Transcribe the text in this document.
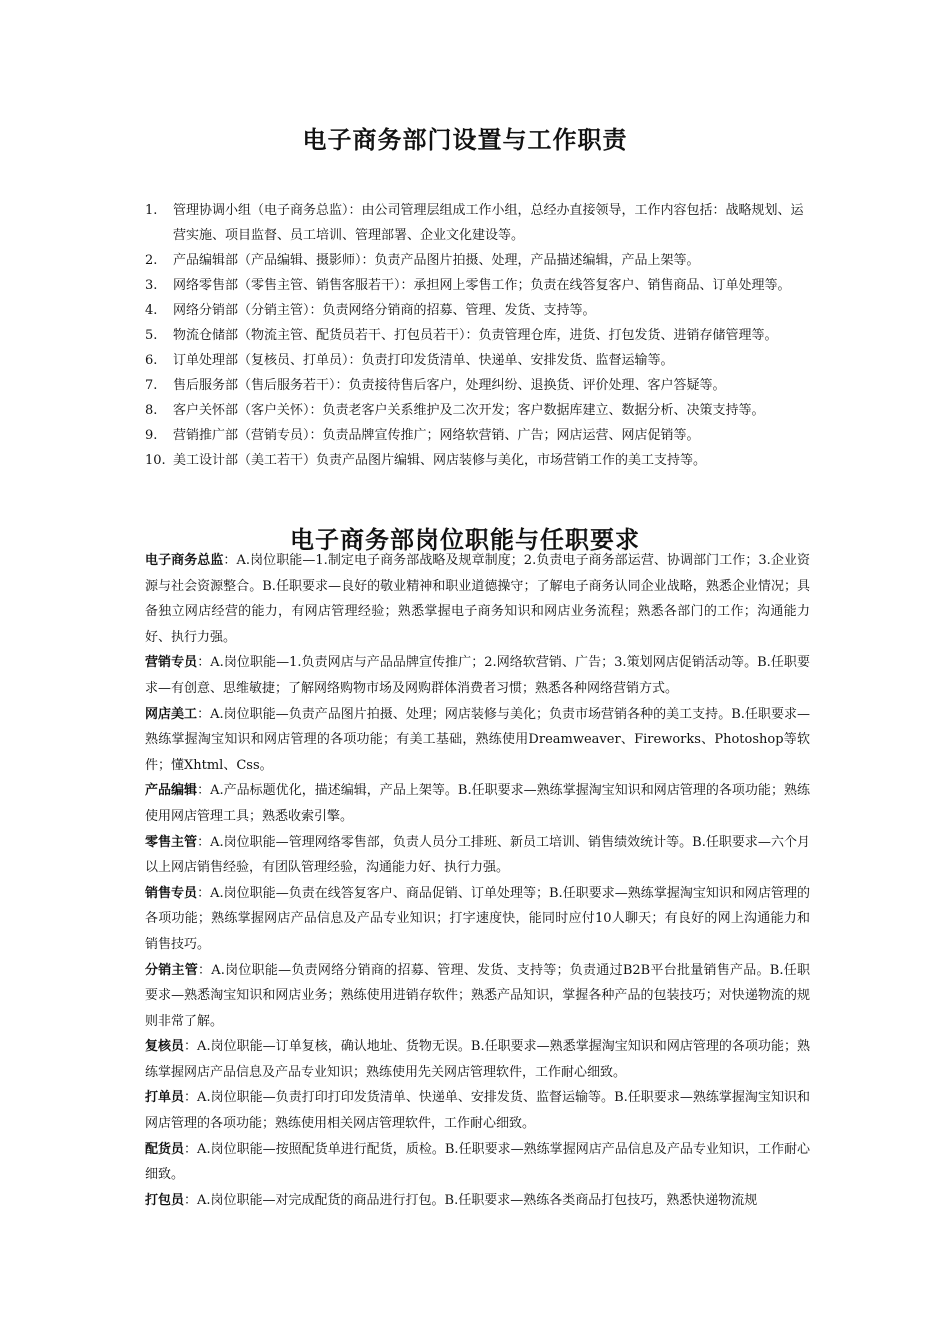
电子商务部门设置与工作职责
1. 管理协调小组（电子商务总监）：由公司管理层组成工作小组，总经办直接领导，工作内容包括：战略规划、运营实施、项目监督、员工培训、管理部署、企业文化建设等。
2. 产品编辑部（产品编辑、摄影师）：负责产品图片拍摄、处理，产品描述编辑，产品上架等。
3. 网络零售部（零售主管、销售客服若干）：承担网上零售工作；负责在线答复客户、销售商品、订单处理等。
4. 网络分销部（分销主管）：负责网络分销商的招募、管理、发货、支持等。
5. 物流仓储部（物流主管、配货员若干、打包员若干）：负责管理仓库，进货、打包发货、进销存储管理等。
6. 订单处理部（复核员、打单员）：负责打印发货清单、快递单、安排发货、监督运输等。
7. 售后服务部（售后服务若干）：负责接待售后客户，处理纠纷、退换货、评价处理、客户答疑等。
8. 客户关怀部（客户关怀）：负责老客户关系维护及二次开发；客户数据库建立、数据分析、决策支持等。
9. 营销推广部（营销专员）：负责品牌宣传推广；网络软营销、广告；网店运营、网店促销等。
10. 美工设计部（美工若干）负责产品图片编辑、网店装修与美化，市场营销工作的美工支持等。
电子商务部岗位职能与任职要求

电子商务总监：A.岗位职能—1.制定电子商务部战略及规章制度；2.负责电子商务部运营、协调部门工作；3.企业资源与社会资源整合。B.任职要求—良好的敬业精神和职业道德操守；了解电子商务认同企业战略，熟悉企业情况；具备独立网店经营的能力，有网店管理经验；熟悉掌握电子商务知识和网店业务流程；熟悉各部门的工作；沟通能力好、执行力强。

营销专员：A.岗位职能—1.负责网店与产品品牌宣传推广；2.网络软营销、广告；3.策划网店促销活动等。B.任职要求—有创意、思维敏捷；了解网络购物市场及网购群体消费者习惯；熟悉各种网络营销方式。

网店美工：A.岗位职能—负责产品图片拍摄、处理；网店装修与美化；负责市场营销各种的美工支持。B.任职要求—熟练掌握淘宝知识和网店管理的各项功能；有美工基础，熟练使用Dreamweaver、Fireworks、Photoshop等软件；懂Xhtml、Css。

产品编辑：A.产品标题优化，描述编辑，产品上架等。B.任职要求—熟练掌握淘宝知识和网店管理的各项功能；熟练使用网店管理工具；熟悉收索引擎。

零售主管：A.岗位职能—管理网络零售部，负责人员分工排班、新员工培训、销售绩效统计等。B.任职要求—六个月以上网店销售经验，有团队管理经验，沟通能力好、执行力强。

销售专员：A.岗位职能—负责在线答复客户、商品促销、订单处理等；B.任职要求—熟练掌握淘宝知识和网店管理的各项功能；熟练掌握网店产品信息及产品专业知识；打字速度快，能同时应付10人聊天；有良好的网上沟通能力和销售技巧。

分销主管：A.岗位职能—负责网络分销商的招募、管理、发货、支持等；负责通过B2B平台批量销售产品。B.任职要求—熟悉淘宝知识和网店业务；熟练使用进销存软件；熟悉产品知识，掌握各种产品的包装技巧；对快递物流的规则非常了解。

复核员：A.岗位职能—订单复核，确认地址、货物无误。B.任职要求—熟悉掌握淘宝知识和网店管理的各项功能；熟练掌握网店产品信息及产品专业知识；熟练使用先关网店管理软件，工作耐心细致。

打单员：A.岗位职能—负责打印打印发货清单、快递单、安排发货、监督运输等。B.任职要求—熟练掌握淘宝知识和网店管理的各项功能；熟练使用相关网店管理软件，工作耐心细致。

配货员：A.岗位职能—按照配货单进行配货，质检。B.任职要求—熟练掌握网店产品信息及产品专业知识，工作耐心细致。

打包员：A.岗位职能—对完成配货的商品进行打包。B.任职要求—熟练各类商品打包技巧，熟悉快递物流规
